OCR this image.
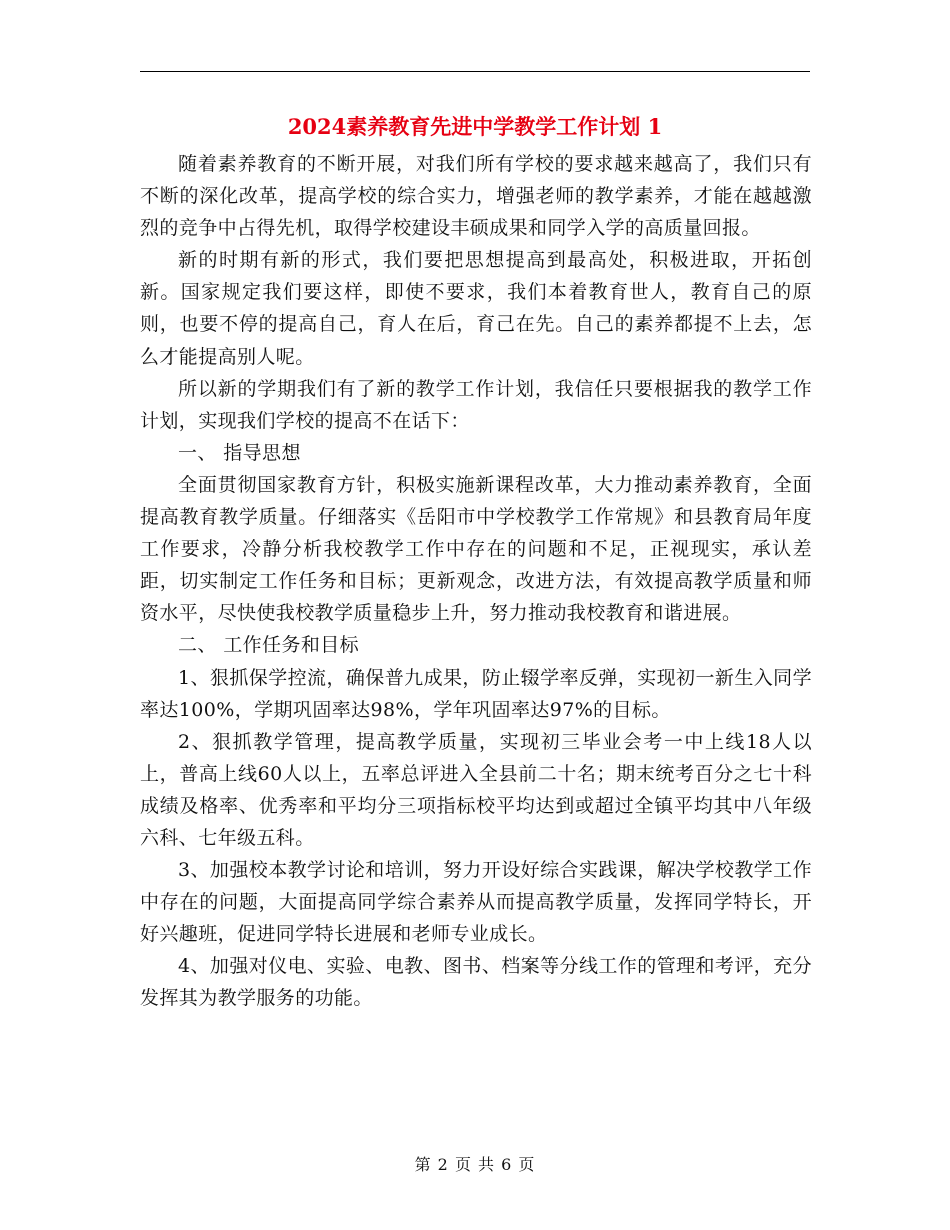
2024素养教育先进中学教学工作计划 1

随着素养教育的不断开展，对我们所有学校的要求越来越高了，我们只有不断的深化改革，提高学校的综合实力，增强老师的教学素养，才能在越越激烈的竞争中占得先机，取得学校建设丰硕成果和同学入学的高质量回报。

新的时期有新的形式，我们要把思想提高到最高处，积极进取，开拓创新。国家规定我们要这样，即使不要求，我们本着教育世人，教育自己的原则，也要不停的提高自己，育人在后，育己在先。自己的素养都提不上去，怎么才能提高别人呢。

所以新的学期我们有了新的教学工作计划，我信任只要根据我的教学工作计划，实现我们学校的提高不在话下：

一、 指导思想

全面贯彻国家教育方针，积极实施新课程改革，大力推动素养教育，全面提高教育教学质量。仔细落实《岳阳市中学校教学工作常规》和县教育局年度工作要求，冷静分析我校教学工作中存在的问题和不足，正视现实，承认差距，切实制定工作任务和目标；更新观念，改进方法，有效提高教学质量和师资水平，尽快使我校教学质量稳步上升，努力推动我校教育和谐进展。

二、 工作任务和目标

1、狠抓保学控流，确保普九成果，防止辍学率反弹，实现初一新生入同学率达100%，学期巩固率达98%，学年巩固率达97%的目标。

2、狠抓教学管理，提高教学质量，实现初三毕业会考一中上线18人以上，普高上线60人以上，五率总评进入全县前二十名；期末统考百分之七十科成绩及格率、优秀率和平均分三项指标校平均达到或超过全镇平均其中八年级六科、七年级五科。

3、加强校本教学讨论和培训，努力开设好综合实践课，解决学校教学工作中存在的问题，大面提高同学综合素养从而提高教学质量，发挥同学特长，开好兴趣班，促进同学特长进展和老师专业成长。

4、加强对仪电、实验、电教、图书、档案等分线工作的管理和考评，充分发挥其为教学服务的功能。

第 2 页 共 6 页
